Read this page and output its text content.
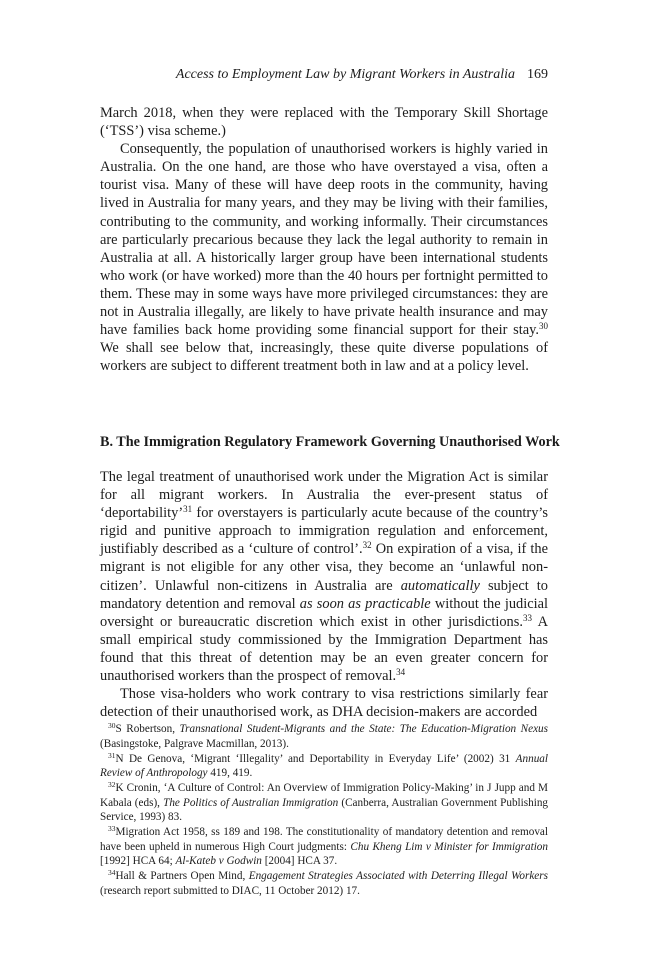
Access to Employment Law by Migrant Workers in Australia 169

March 2018, when they were replaced with the Temporary Skill Shortage (‘TSS’) visa scheme.)

Consequently, the population of unauthorised workers is highly varied in Australia. On the one hand, are those who have overstayed a visa, often a tourist visa. Many of these will have deep roots in the community, having lived in Australia for many years, and they may be living with their families, contributing to the community, and working informally. Their circumstances are particularly precarious because they lack the legal authority to remain in Australia at all. A historically larger group have been international students who work (or have worked) more than the 40 hours per fortnight permitted to them. These may in some ways have more privileged circumstances: they are not in Australia illegally, are likely to have private health insurance and may have families back home providing some financial support for their stay.$^{30}$ We shall see below that, increasingly, these quite diverse populations of workers are subject to different treatment both in law and at a policy level.

B. The Immigration Regulatory Framework Governing Unauthorised Work

The legal treatment of unauthorised work under the Migration Act is similar for all migrant workers. In Australia the ever-present status of ‘deportability’$^{31}$ for overstayers is particularly acute because of the country’s rigid and punitive approach to immigration regulation and enforcement, justifiably described as a ‘culture of control’.$^{32}$ On expiration of a visa, if the migrant is not eligible for any other visa, they become an ‘unlawful non-citizen’. Unlawful non-citizens in Australia are automatically subject to mandatory detention and removal as soon as practicable without the judicial oversight or bureaucratic discretion which exist in other jurisdictions.$^{33}$ A small empirical study commissioned by the Immigration Department has found that this threat of detention may be an even greater concern for unauthorised workers than the prospect of removal.$^{34}$

Those visa-holders who work contrary to visa restrictions similarly fear detection of their unauthorised work, as DHA decision-makers are accorded

$^{30}$S Robertson, Transnational Student-Migrants and the State: The Education-Migration Nexus (Basingstoke, Palgrave Macmillan, 2013).

$^{31}$N De Genova, ‘Migrant ‘Illegality’ and Deportability in Everyday Life’ (2002) 31 Annual Review of Anthropology 419, 419.

$^{32}$K Cronin, ‘A Culture of Control: An Overview of Immigration Policy-Making’ in J Jupp and M Kabala (eds), The Politics of Australian Immigration (Canberra, Australian Government Publishing Service, 1993) 83.

$^{33}$Migration Act 1958, ss 189 and 198. The constitutionality of mandatory detention and removal have been upheld in numerous High Court judgments: Chu Kheng Lim v Minister for Immigration [1992] HCA 64; Al-Kateb v Godwin [2004] HCA 37.

$^{34}$Hall & Partners Open Mind, Engagement Strategies Associated with Deterring Illegal Workers (research report submitted to DIAC, 11 October 2012) 17.
